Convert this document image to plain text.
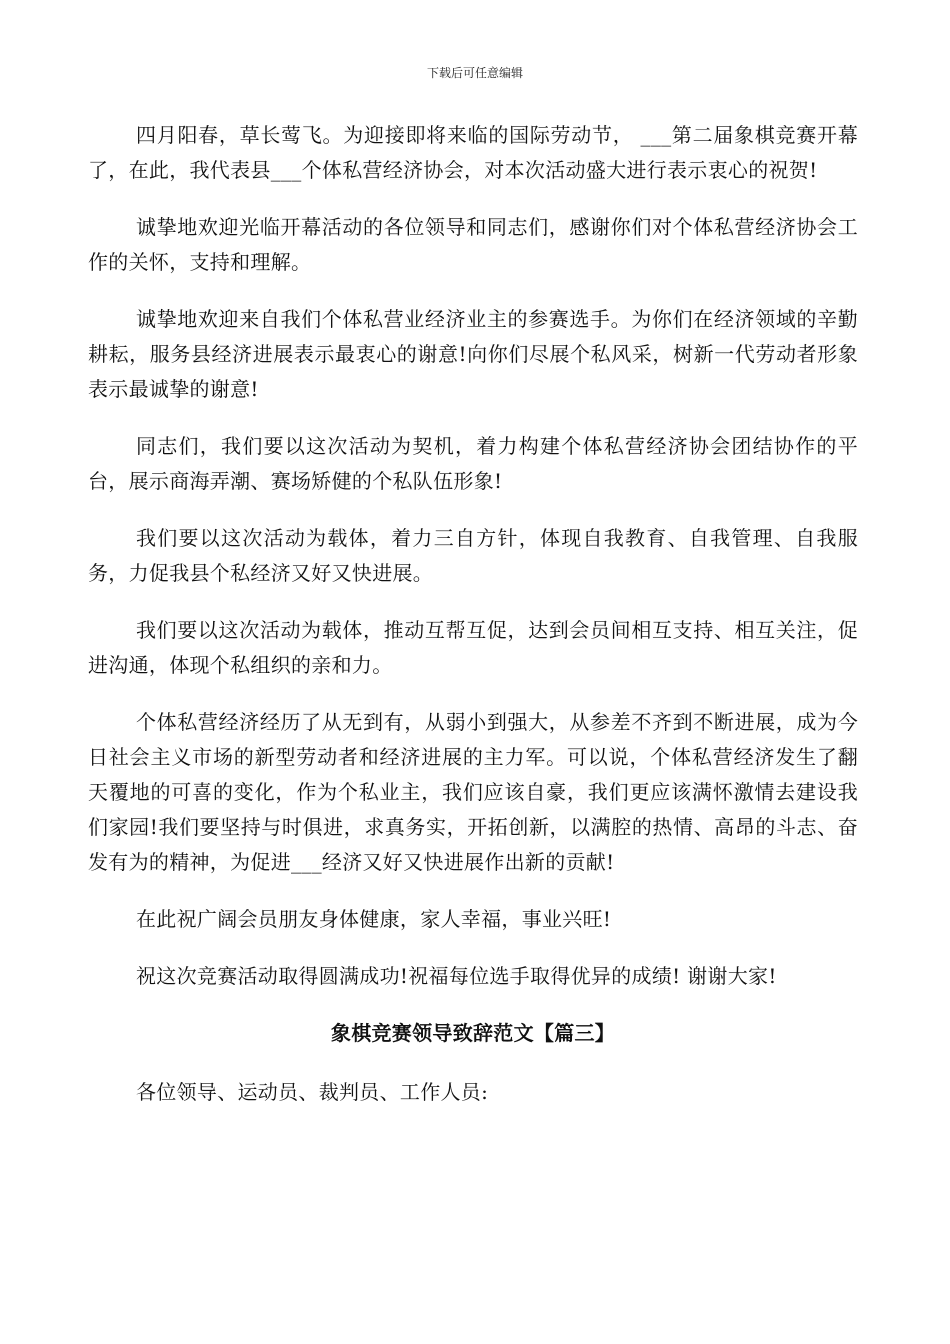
下载后可任意编辑

四月阳春，草长莺飞。为迎接即将来临的国际劳动节， ___第二届象棋竞赛开幕了，在此，我代表县___个体私营经济协会，对本次活动盛大进行表示衷心的祝贺!

诚挚地欢迎光临开幕活动的各位领导和同志们，感谢你们对个体私营经济协会工作的关怀，支持和理解。

诚挚地欢迎来自我们个体私营业经济业主的参赛选手。为你们在经济领域的辛勤耕耘，服务县经济进展表示最衷心的谢意!向你们尽展个私风采，树新一代劳动者形象表示最诚挚的谢意!

同志们，我们要以这次活动为契机，着力构建个体私营经济协会团结协作的平台，展示商海弄潮、赛场矫健的个私队伍形象!

我们要以这次活动为载体，着力三自方针，体现自我教育、自我管理、自我服务，力促我县个私经济又好又快进展。

我们要以这次活动为载体，推动互帮互促，达到会员间相互支持、相互关注，促进沟通，体现个私组织的亲和力。

个体私营经济经历了从无到有，从弱小到强大，从参差不齐到不断进展，成为今日社会主义市场的新型劳动者和经济进展的主力军。可以说，个体私营经济发生了翻天覆地的可喜的变化，作为个私业主，我们应该自豪，我们更应该满怀激情去建设我们家园!我们要坚持与时俱进，求真务实，开拓创新，以满腔的热情、高昂的斗志、奋发有为的精神，为促进___经济又好又快进展作出新的贡献!

在此祝广阔会员朋友身体健康，家人幸福，事业兴旺!

祝这次竞赛活动取得圆满成功!祝福每位选手取得优异的成绩! 谢谢大家!

象棋竞赛领导致辞范文【篇三】

各位领导、运动员、裁判员、工作人员:
